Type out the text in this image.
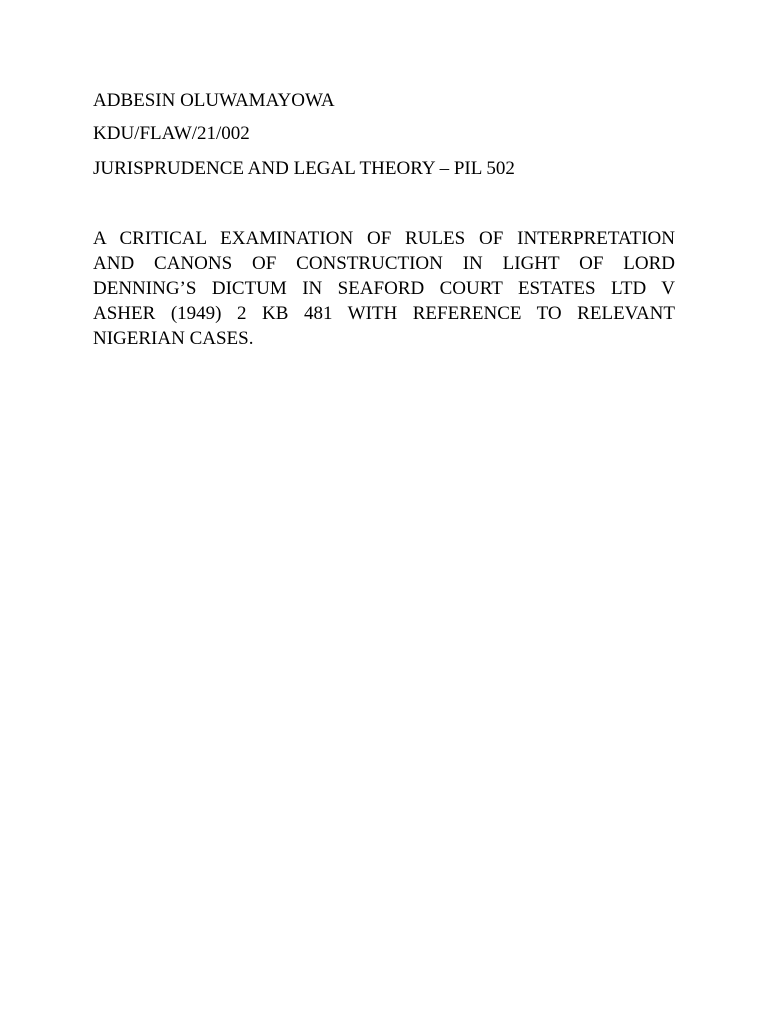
ADBESIN OLUWAMAYOWA
KDU/FLAW/21/002
JURISPRUDENCE AND LEGAL THEORY – PIL 502
A CRITICAL EXAMINATION OF RULES OF INTERPRETATION
AND CANONS OF CONSTRUCTION IN LIGHT OF LORD
DENNING’S DICTUM IN SEAFORD COURT ESTATES LTD V
ASHER (1949) 2 KB 481 WITH REFERENCE TO RELEVANT
NIGERIAN CASES.
